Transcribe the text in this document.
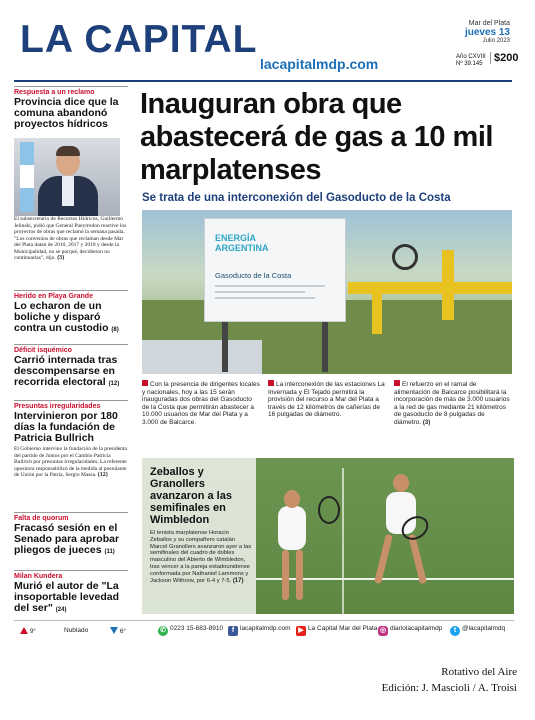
LA CAPITAL
lacapitalmdp.com
Mar del Plata
jueves 13
Julio 2023
Año CXVIII
Nº 39.145	$200
Respuesta a un reclamo
Provincia dice que la comuna abandonó proyectos hídricos
El subsecretario de Recursos Hídricos, Guillermo Jelinski, pidió que General Pueyrredon reactive los proyectos de obras que reclamó la semana pasada. "Los convenios de obras que reclaman desde Mar del Plata datan de 2010, 2017 y 2018 y desde la Municipalidad, no se porqué, decidieron no continuarlas", dijo. (3)
Herido en Playa Grande
Lo echaron de un boliche y disparó contra un custodio (8)
Déficit isquémico
Carrió internada tras descompensarse en recorrida electoral (12)
Presuntas irregularidades
Intervinieron por 180 días la fundación de Patricia Bullrich
El Gobierno intervino la fundación de la presidenta del partido de Juntos por el Cambio Patricia Bullrich por presuntas irregularidades. La referente opositora responsabilizó de la medida al postulante de Unión por la Patria, Sergio Massa. (12)
Falta de quorum
Fracasó sesión en el Senado para aprobar pliegos de jueces (11)
Milan Kundera
Murió el autor de "La insoportable levedad del ser" (24)
Inauguran obra que abastecerá de gas a 10 mil marplatenses
Se trata de una interconexión del Gasoducto de la Costa
ENERGÍA
ARGENTINA
Gasoducto de la Costa
Con la presencia de dirigentes locales y nacionales, hoy a las 15 serán inauguradas dos obras del Gasoducto de la Costa que permitirán abastecer a 10.000 usuarios de Mar del Plata y a 3.000 de Balcarce.
La interconexión de las estaciones La Invernada y El Tejado permitirá la provisión del recurso a Mar del Plata a través de 12 kilómetros de cañerías de 16 pulgadas de diámetro.
El refuerzo en el ramal de alimentación de Balcarce posibilitará la incorporación de más de 3.000 usuarios a la red de gas mediante 21 kilómetros de gasoducto de 8 pulgadas de diámetro. (3)
Zeballos y Granollers avanzaron a las semifinales en Wimbledon
El tenista marplatense Horacio Zeballos y su compañero catalán Marcel Granollers avanzaron ayer a las semifinales del cuadro de dobles masculino del Abierto de Wimbledon, tras vencer a la pareja estadounidense conformada por Nathaniel Lammons y Jackson Withrow, por 6-4 y 7-5. (17)
9°	Nublado	6°	✆ 0223 15-683-8910	f lacapitalmdp.com	▶ La Capital Mar del Plata ◎ diariolacapitalmdp	t @lacapitalmdq
Rotativo del Aire
Edición: J. Mascioli / A. Troisi
